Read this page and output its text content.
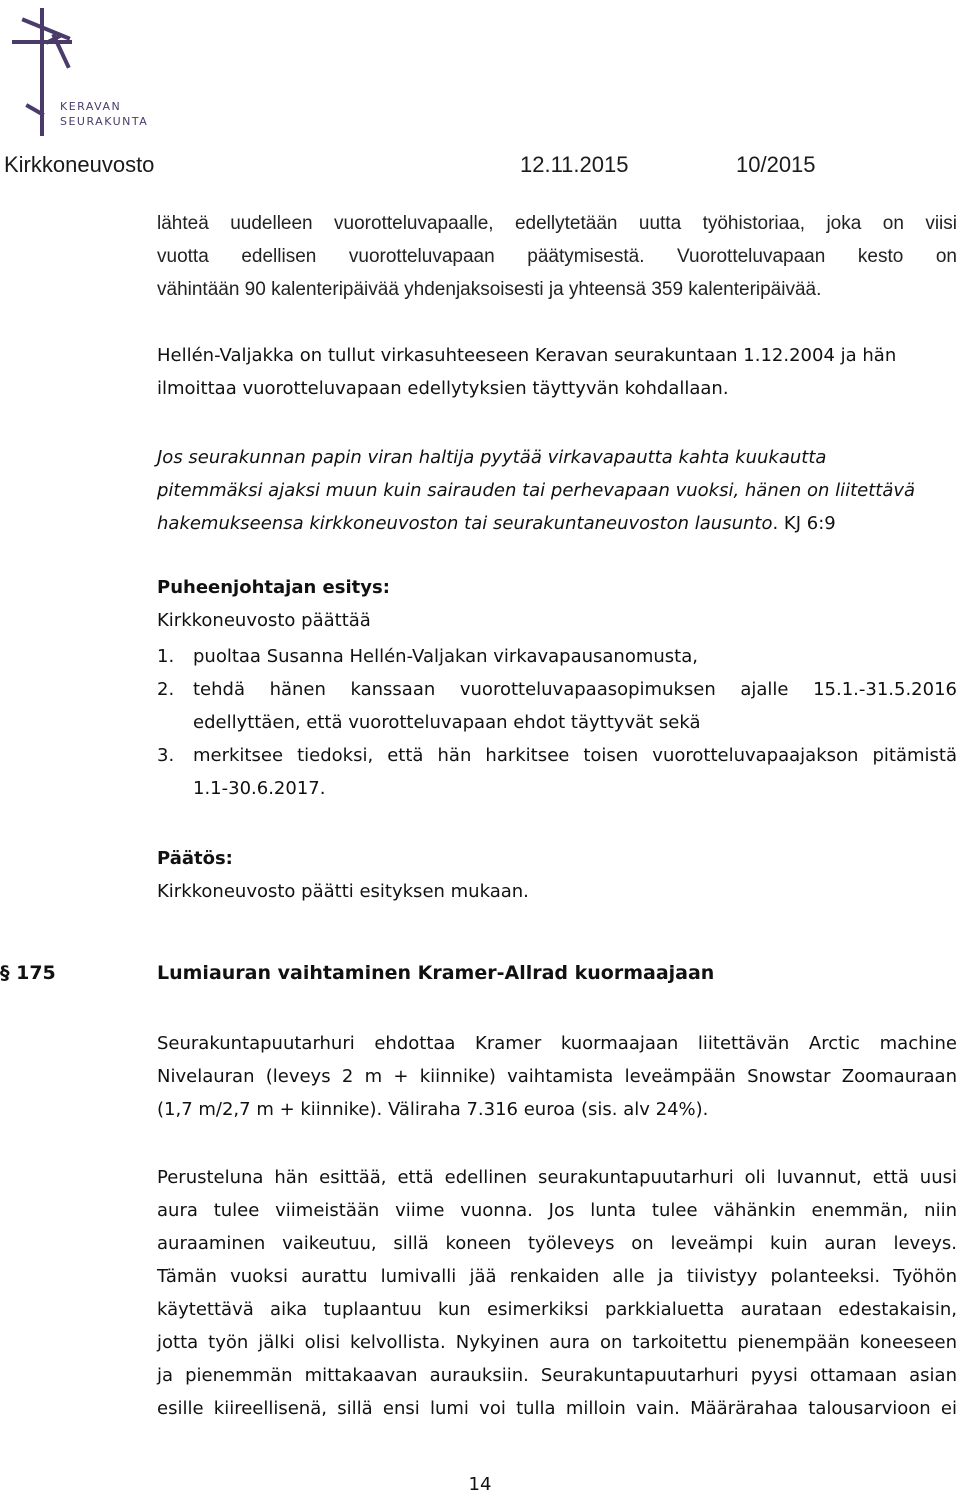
KERAVAN
SEURAKUNTA
Kirkkoneuvosto	12.11.2015	10/2015
lähteä uudelleen vuorotteluvapaalle, edellytetään uutta työhistoriaa, joka on viisi
vuotta edellisen vuorotteluvapaan päätymisestä. Vuorotteluvapaan kesto on
vähintään 90 kalenteripäivää yhdenjaksoisesti ja yhteensä 359 kalenteripäivää.
Hellén-Valjakka on tullut virkasuhteeseen Keravan seurakuntaan 1.12.2004 ja hän
ilmoittaa vuorotteluvapaan edellytyksien täyttyvän kohdallaan.
Jos seurakunnan papin viran haltija pyytää virkavapautta kahta kuukautta
pitemmäksi ajaksi muun kuin sairauden tai perhevapaan vuoksi, hänen on liitettävä
hakemukseensa kirkkoneuvoston tai seurakuntaneuvoston lausunto. KJ 6:9
Puheenjohtajan esitys:
Kirkkoneuvosto päättää
1.	puoltaa Susanna Hellén-Valjakan virkavapausanomusta,
2.	tehdä hänen kanssaan vuorotteluvapaasopimuksen ajalle 15.1.-31.5.2016
edellyttäen, että vuorotteluvapaan ehdot täyttyvät sekä
3.	merkitsee tiedoksi, että hän harkitsee toisen vuorotteluvapaajakson pitämistä
1.1-30.6.2017.
Päätös:
Kirkkoneuvosto päätti esityksen mukaan.
§ 175	Lumiauran vaihtaminen Kramer-Allrad kuormaajaan
Seurakuntapuutarhuri ehdottaa Kramer kuormaajaan liitettävän Arctic machine
Nivelauran (leveys 2 m + kiinnike) vaihtamista leveämpään Snowstar Zoomauraan
(1,7 m/2,7 m + kiinnike). Väliraha 7.316 euroa (sis. alv 24%).
Perusteluna hän esittää, että edellinen seurakuntapuutarhuri oli luvannut, että uusi
aura tulee viimeistään viime vuonna. Jos lunta tulee vähänkin enemmän, niin
auraaminen vaikeutuu, sillä koneen työleveys on leveämpi kuin auran leveys.
Tämän vuoksi aurattu lumivalli jää renkaiden alle ja tiivistyy polanteeksi. Työhön
käytettävä aika tuplaantuu kun esimerkiksi parkkialuetta aurataan edestakaisin,
jotta työn jälki olisi kelvollista. Nykyinen aura on tarkoitettu pienempään koneeseen
ja pienemmän mittakaavan aurauksiin. Seurakuntapuutarhuri pyysi ottamaan asian
esille kiireellisenä, sillä ensi lumi voi tulla milloin vain. Määrärahaa talousarvioon ei
14
